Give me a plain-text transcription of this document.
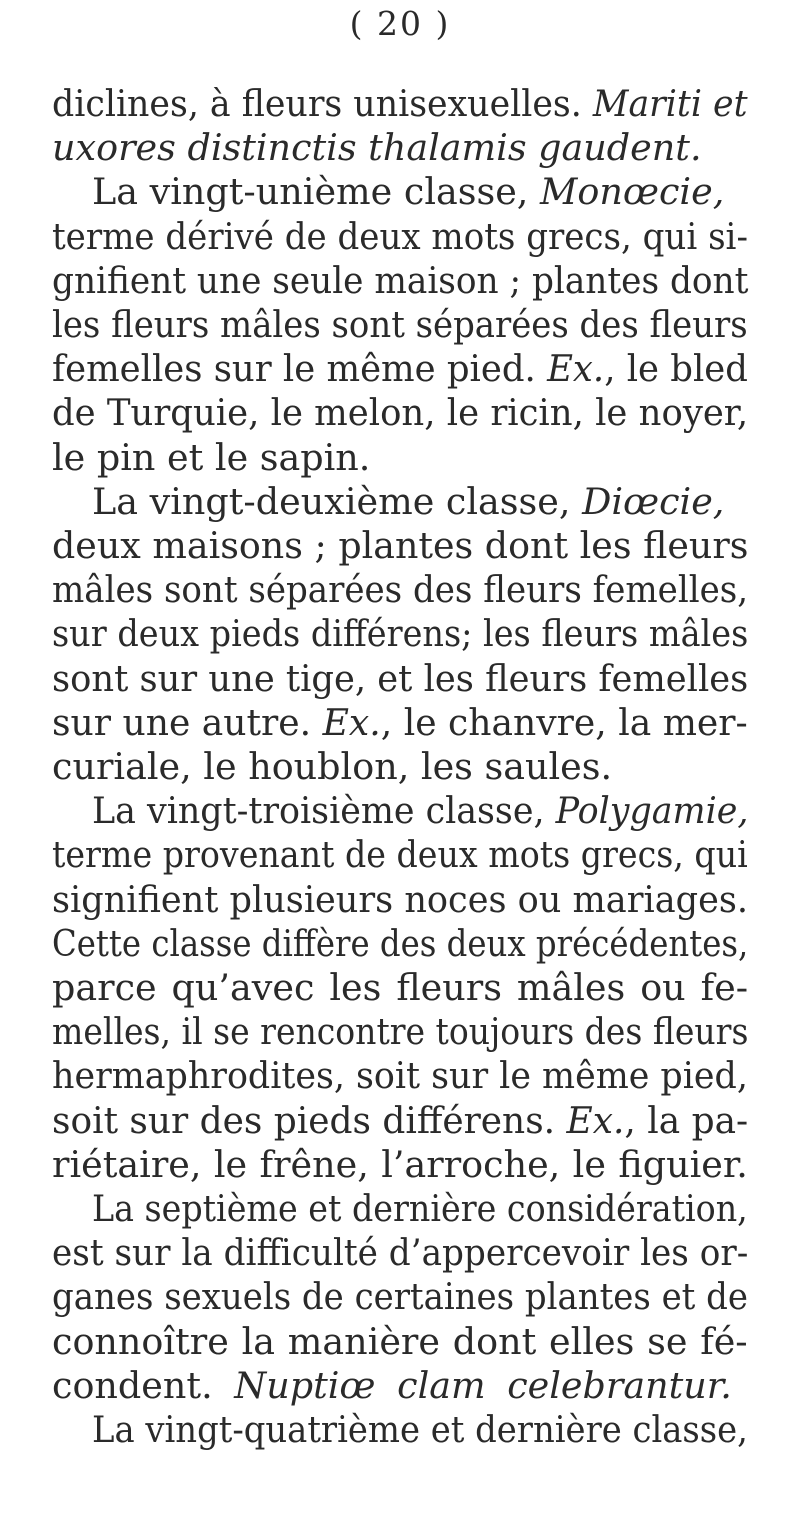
( 20 )
diclines, à fleurs unisexuelles. Mariti et
uxores distinctis thalamis gaudent.
La vingt-unième classe, Monœcie,
terme dérivé de deux mots grecs, qui si-
gnifient une seule maison ; plantes dont
les fleurs mâles sont séparées des fleurs
femelles sur le même pied. Ex., le bled
de Turquie, le melon, le ricin, le noyer,
le pin et le sapin.
La vingt-deuxième classe, Diœcie,
deux maisons ; plantes dont les fleurs
mâles sont séparées des fleurs femelles,
sur deux pieds différens; les fleurs mâles
sont sur une tige, et les fleurs femelles
sur une autre. Ex., le chanvre, la mer-
curiale, le houblon, les saules.
La vingt-troisième classe, Polygamie,
terme provenant de deux mots grecs, qui
signifient plusieurs noces ou mariages.
Cette classe diffère des deux précédentes,
parce qu’avec les fleurs mâles ou fe-
melles, il se rencontre toujours des fleurs
hermaphrodites, soit sur le même pied,
soit sur des pieds différens. Ex., la pa-
riétaire, le frêne, l’arroche, le figuier.
La septième et dernière considération,
est sur la difficulté d’appercevoir les or-
ganes sexuels de certaines plantes et de
connoître la manière dont elles se fé-
condent. Nuptiœ clam celebrantur.
La vingt-quatrième et dernière classe,
